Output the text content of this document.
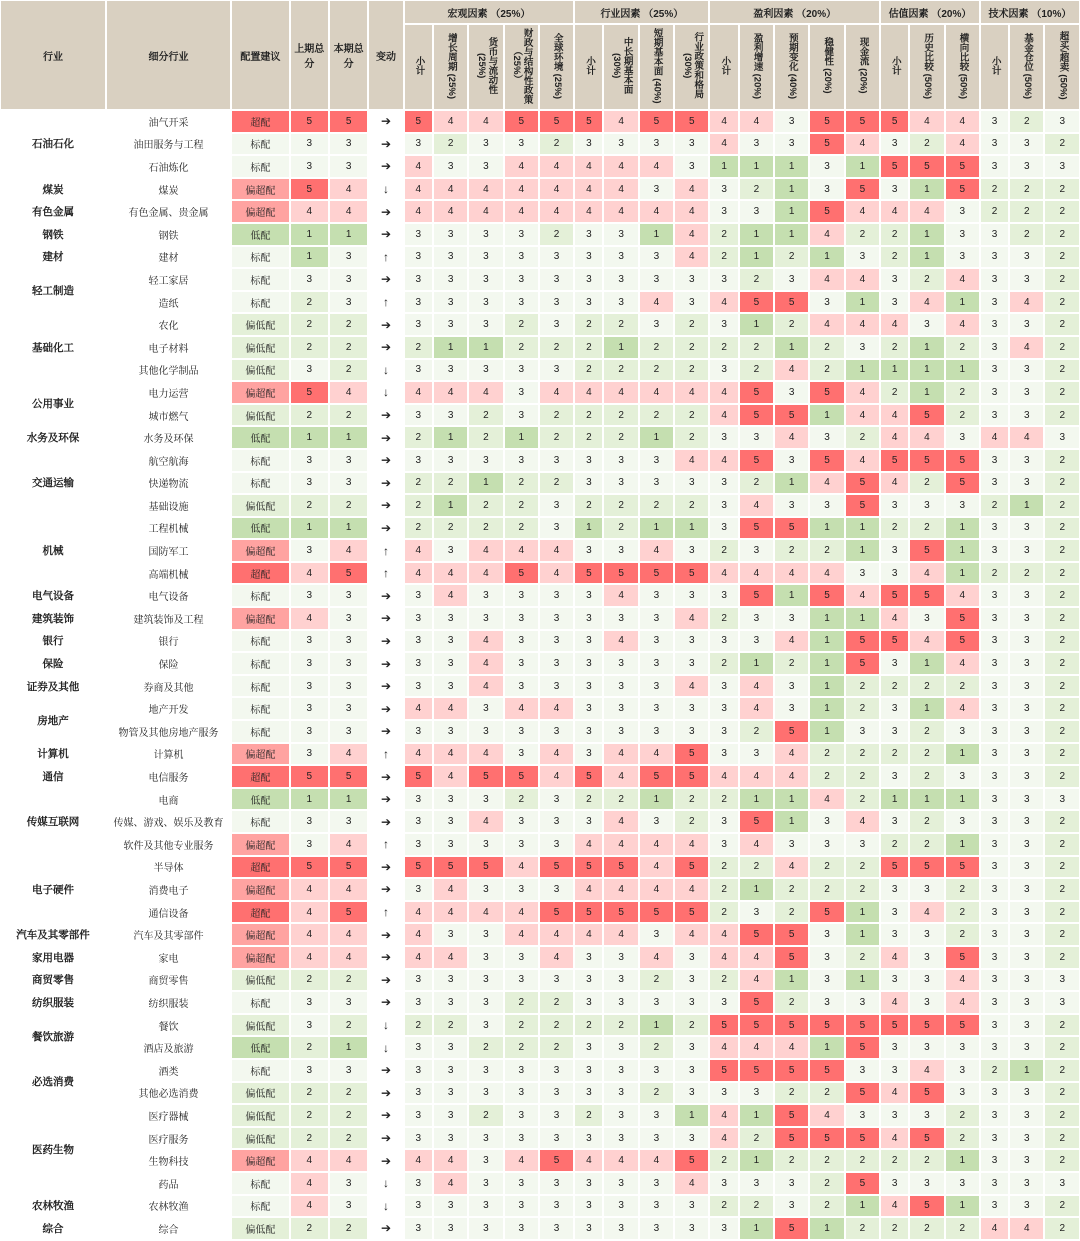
行业	细分行业	配置建议	上期总分	本期总分	变动	宏观因素 （25%）					行业因素 （25%）				盈利因素 （20%）					估值因素 （20%）			技术因素 （10%）		
						小计	增长周期 (25%)	货币与流动性 (25%)	财政与结构性政策（25%）	全球环境 (25%)	小计	中长期基本面 (30%)	短期基本面 (40%)	行业政策和格局 (30%)	小计	盈利增速 (20%)	预期变化 (40%)	稳健性 (20%)	现金流 (20%)	小计	历史比较 (50%)	横向比较 (50%)	小计	基金仓位 (50%)	超买/超卖 (50%)
石油石化	油气开采	超配	5	5	➔	5	4	4	5	5	5	4	5	5	4	4	3	5	5	5	4	4	3	2	3
	油田服务与工程	标配	3	3	➔	3	2	3	3	2	3	3	3	3	4	3	3	5	4	3	2	4	3	3	2
	石油炼化	标配	3	3	➔	4	3	3	4	4	4	4	4	3	1	1	1	3	1	5	5	5	3	3	3
煤炭	煤炭	偏超配	5	4	↓	4	4	4	4	4	4	4	3	4	3	2	1	3	5	3	1	5	2	2	2
有色金属	有色金属、贵金属	偏超配	4	4	➔	4	4	4	4	4	4	4	4	4	3	3	1	5	4	4	4	3	2	2	2
钢铁	钢铁	低配	1	1	➔	3	3	3	3	2	3	3	1	4	2	1	1	4	2	2	1	3	3	2	2
建材	建材	标配	1	3	↑	3	3	3	3	3	3	3	3	4	2	1	2	1	3	2	1	3	3	3	2
轻工制造	轻工家居	标配	3	3	➔	3	3	3	3	3	3	3	3	3	3	2	3	4	4	3	2	4	3	3	2
	造纸	标配	2	3	↑	3	3	3	3	3	3	3	4	3	4	5	5	3	1	3	4	1	3	4	2
基础化工	农化	偏低配	2	2	➔	3	3	3	2	3	2	2	3	2	3	1	2	4	4	4	3	4	3	3	2
	电子材料	偏低配	2	2	➔	2	1	1	2	2	2	1	2	2	2	2	1	2	3	2	1	2	3	4	2
	其他化学制品	偏低配	3	2	↓	3	3	3	3	3	2	2	2	2	3	2	4	2	1	1	1	1	3	3	2
公用事业	电力运营	偏超配	5	4	↓	4	4	4	3	4	4	4	4	4	4	5	3	5	4	2	1	2	3	3	2
	城市燃气	偏低配	2	2	➔	3	3	2	3	2	2	2	2	2	4	5	5	1	4	4	5	2	3	3	2
水务及环保	水务及环保	低配	1	1	➔	2	1	2	1	2	2	2	1	2	3	3	4	3	2	4	4	3	4	4	3
交通运输	航空航海	标配	3	3	➔	3	3	3	3	3	3	3	3	4	4	5	3	5	4	5	5	5	3	3	2
	快递物流	标配	3	3	➔	2	2	1	2	2	3	3	3	3	3	2	1	4	5	4	2	5	3	3	2
	基础设施	偏低配	2	2	➔	2	1	2	2	3	2	2	2	2	3	4	3	3	5	3	3	3	2	1	2
机械	工程机械	低配	1	1	➔	2	2	2	2	3	1	2	1	1	3	5	5	1	1	2	2	1	3	3	2
	国防军工	偏超配	3	4	↑	4	3	4	4	4	3	3	4	3	2	3	2	2	1	3	5	1	3	3	2
	高端机械	超配	4	5	↑	4	4	4	5	4	5	5	5	5	4	4	4	4	3	3	4	1	2	2	2
电气设备	电气设备	标配	3	3	➔	3	4	3	3	3	3	4	3	3	3	5	1	5	4	5	5	4	3	3	2
建筑装饰	建筑装饰及工程	偏超配	4	3	➔	3	3	3	3	3	3	3	3	4	2	3	3	1	1	4	3	5	3	3	2
银行	银行	标配	3	3	➔	3	3	4	3	3	3	4	3	3	3	3	4	1	5	5	4	5	3	3	2
保险	保险	标配	3	3	➔	3	3	4	3	3	3	3	3	3	2	1	2	1	5	3	1	4	3	3	2
证券及其他	券商及其他	标配	3	3	➔	3	3	4	3	3	3	3	3	4	3	4	3	1	2	2	2	2	3	3	2
房地产	地产开发	标配	3	3	➔	4	4	3	4	4	3	3	3	3	3	4	3	1	2	3	1	4	3	3	2
	物管及其他房地产服务	标配	3	3	➔	3	3	3	3	3	3	3	3	3	3	2	5	1	3	3	2	3	3	3	2
计算机	计算机	偏超配	3	4	↑	4	4	4	3	4	3	4	4	5	3	3	4	2	2	2	2	1	3	3	2
通信	电信服务	超配	5	5	➔	5	4	5	5	4	5	4	5	5	4	4	4	2	2	3	2	3	3	3	2
传媒互联网	电商	低配	1	1	➔	3	3	3	2	3	2	2	1	2	2	1	1	4	2	1	1	1	3	3	3
	传媒、游戏、娱乐及教育	标配	3	3	➔	3	3	4	3	3	3	4	3	2	3	5	1	3	4	3	2	3	3	3	2
	软件及其他专业服务	偏超配	3	4	↑	3	3	3	3	3	4	4	4	4	3	4	3	3	3	2	2	1	3	3	2
电子硬件	半导体	超配	5	5	➔	5	5	5	4	5	5	5	4	5	2	2	4	2	2	5	5	5	3	3	2
	消费电子	偏超配	4	4	➔	3	4	3	3	3	4	4	4	4	2	1	2	2	2	3	3	2	3	3	2
	通信设备	超配	4	5	↑	4	4	4	4	5	5	5	5	5	2	3	2	5	1	3	4	2	3	3	2
汽车及其零部件	汽车及其零部件	偏超配	4	4	➔	4	3	3	4	4	4	4	3	4	4	5	5	3	1	3	3	2	3	3	2
家用电器	家电	偏超配	4	4	➔	4	4	3	3	4	3	3	4	3	4	4	5	3	2	4	3	5	3	3	2
商贸零售	商贸零售	偏低配	2	2	➔	3	3	3	3	3	3	3	2	3	2	4	1	3	1	3	3	4	3	3	3
纺织服装	纺织服装	标配	3	3	➔	3	3	3	2	2	3	3	3	3	3	5	2	3	3	4	3	4	3	3	3
餐饮旅游	餐饮	偏低配	3	2	↓	2	2	3	2	2	2	2	1	2	5	5	5	5	5	5	5	5	3	3	2
	酒店及旅游	低配	2	1	↓	3	3	2	2	2	3	3	2	3	4	4	4	1	5	3	3	3	3	3	2
必选消费	酒类	标配	3	3	➔	3	3	3	3	3	3	3	3	3	5	5	5	5	3	3	4	3	2	1	2
	其他必选消费	偏低配	2	2	➔	3	3	3	3	3	3	3	2	3	3	3	2	2	5	4	5	3	3	3	2
医药生物	医疗器械	偏低配	2	2	➔	3	3	2	3	3	2	3	3	1	4	1	5	4	3	3	3	2	3	3	2
	医疗服务	偏低配	2	2	➔	3	3	3	3	3	3	3	3	3	4	2	5	5	5	4	5	2	3	3	2
	生物科技	偏超配	4	4	➔	4	4	3	4	5	4	4	4	5	2	1	2	2	2	2	2	1	3	3	2
	药品	标配	4	3	↓	3	4	3	3	3	3	3	3	4	3	3	3	2	5	3	3	3	3	3	3
农林牧渔	农林牧渔	标配	4	3	↓	3	3	3	3	3	3	3	3	3	2	2	3	2	1	4	5	1	3	3	2
综合	综合	偏低配	2	2	➔	3	3	3	3	3	3	3	3	3	3	1	5	1	2	2	2	2	4	4	2
